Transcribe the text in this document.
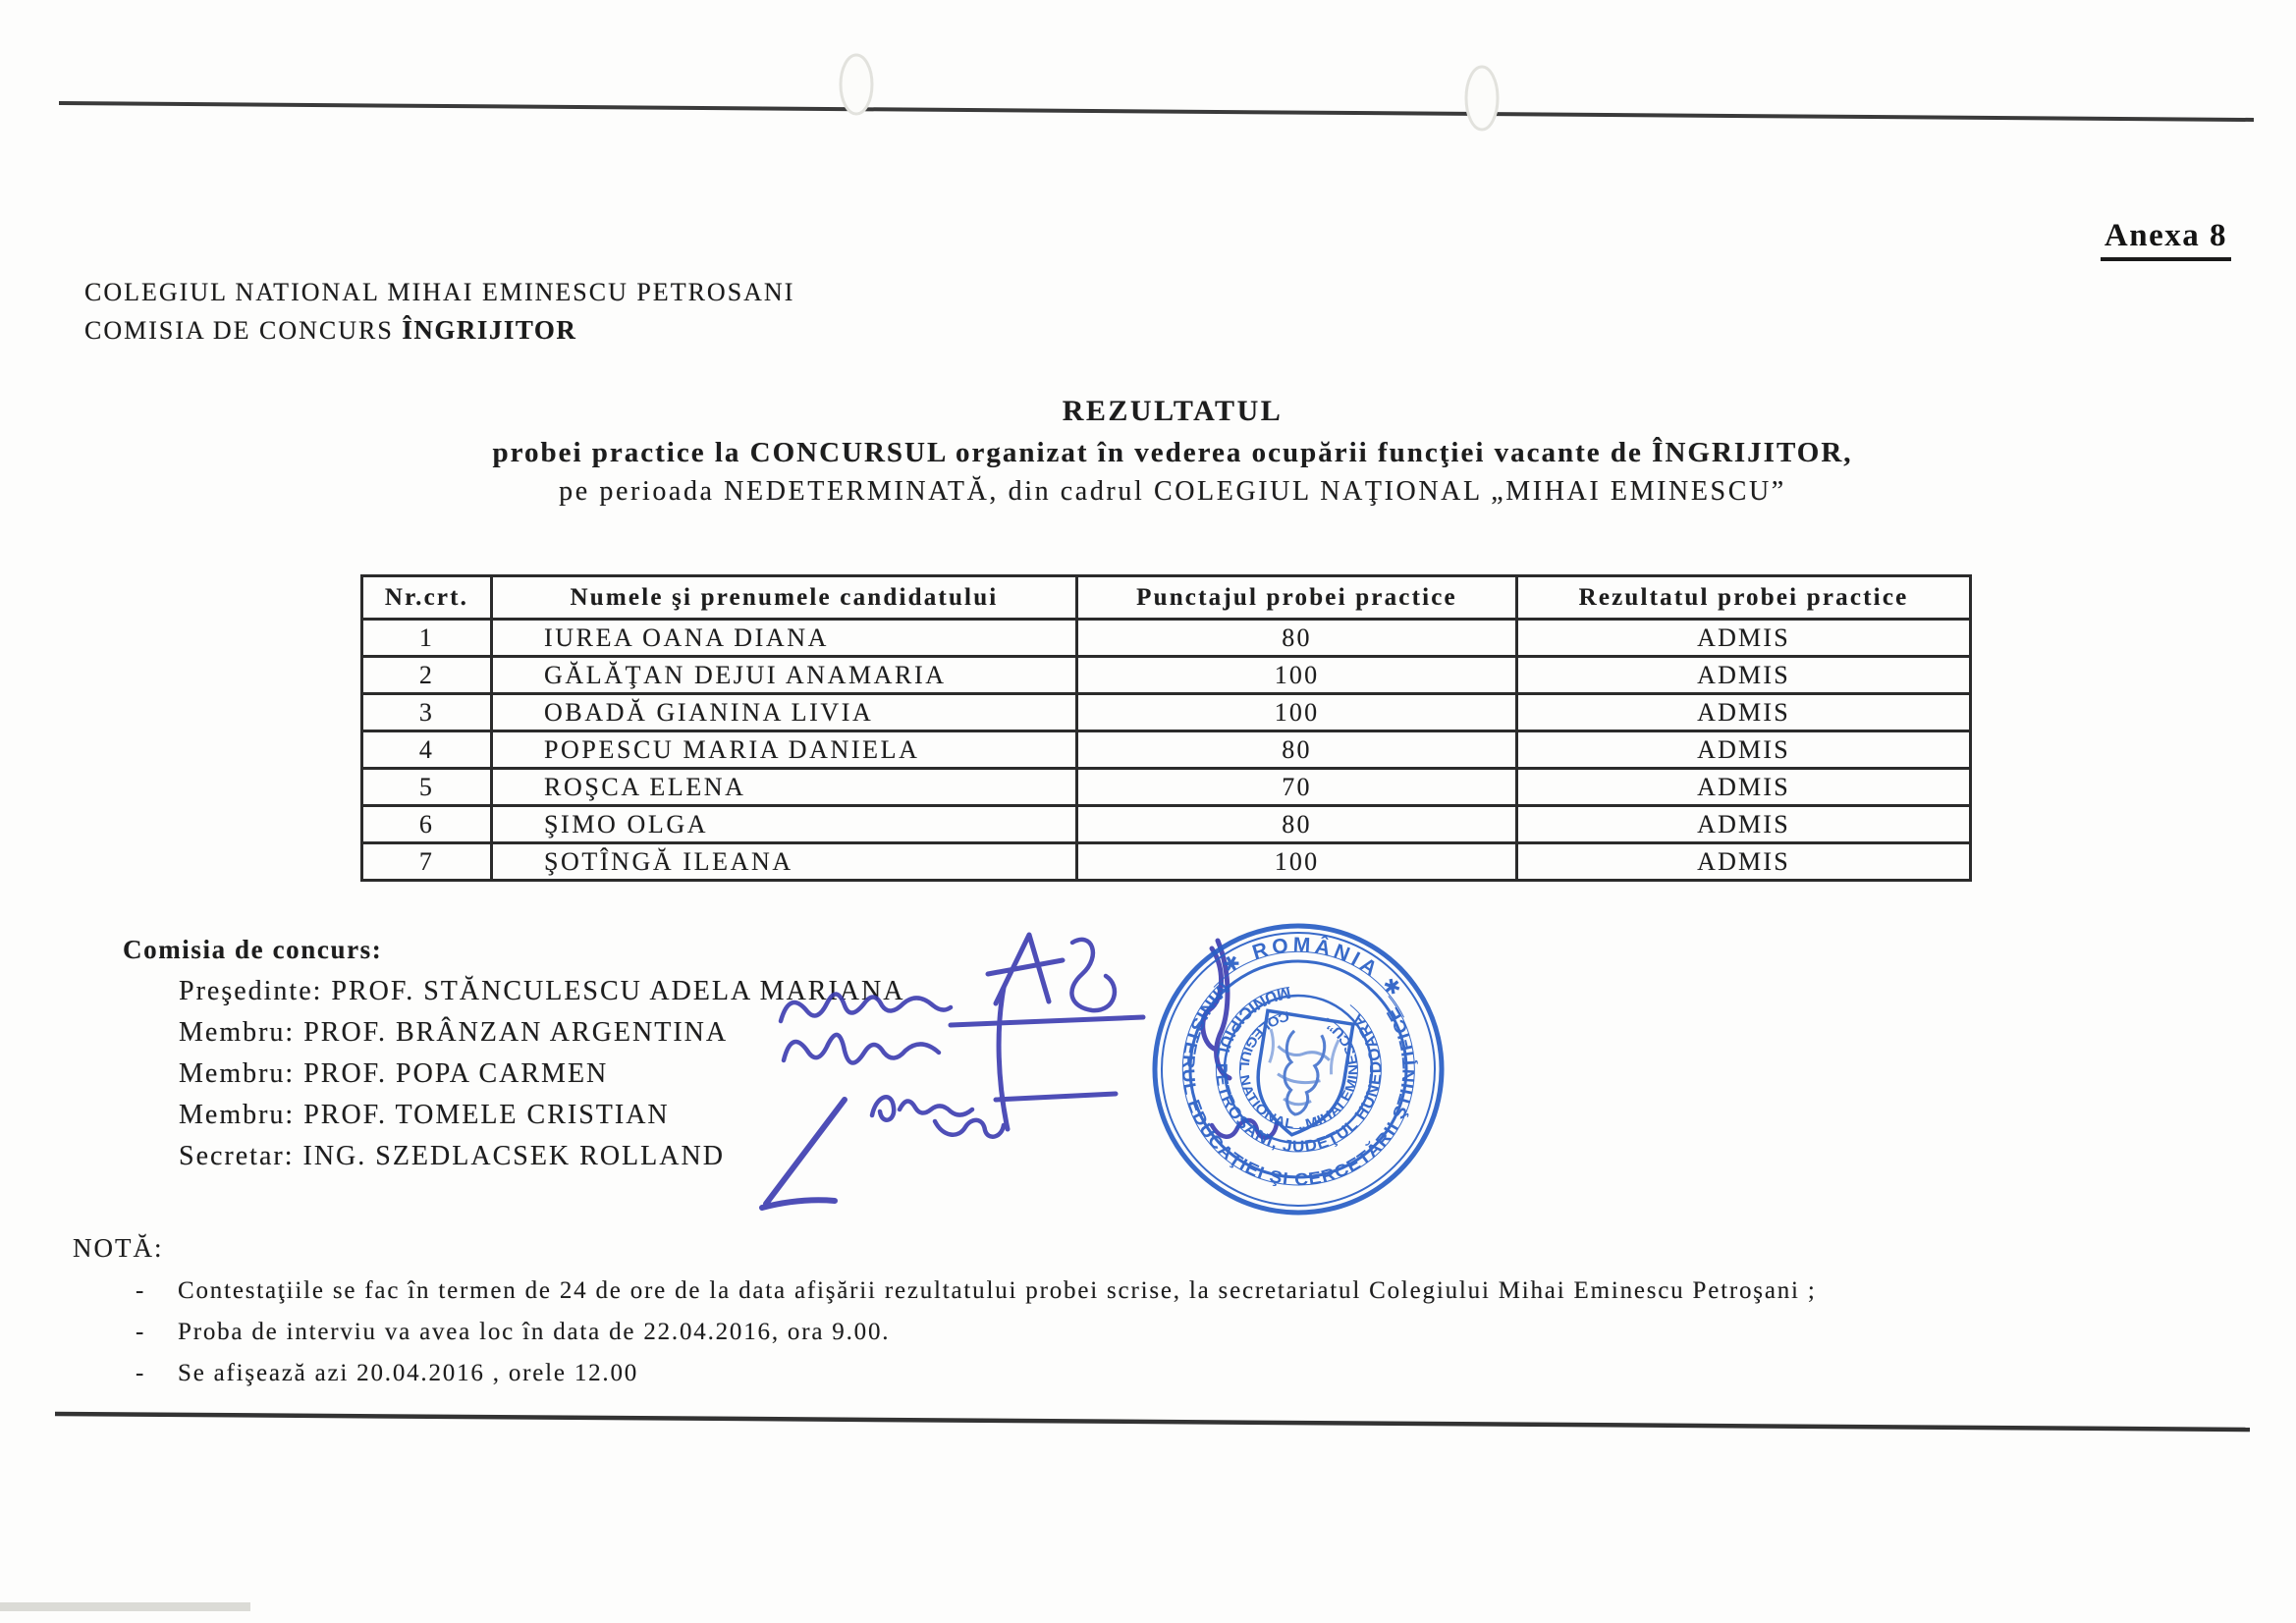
Anexa 8
COLEGIUL NATIONAL MIHAI EMINESCU PETROSANI
COMISIA DE CONCURS ÎNGRIJITOR
REZULTATUL
probei practice la CONCURSUL organizat în vederea ocupării funcţiei vacante de ÎNGRIJITOR,
pe perioada NEDETERMINATĂ, din cadrul COLEGIUL NAŢIONAL „MIHAI EMINESCU”
Nr.crt.	Numele şi prenumele candidatului	Punctajul probei practice	Rezultatul probei practice
1	IUREA OANA DIANA	80	ADMIS
2	GĂLĂŢAN DEJUI ANAMARIA	100	ADMIS
3	OBADĂ GIANINA LIVIA	100	ADMIS
4	POPESCU MARIA DANIELA	80	ADMIS
5	ROŞCA ELENA	70	ADMIS
6	ŞIMO OLGA	80	ADMIS
7	ŞOTÎNGĂ ILEANA	100	ADMIS
Comisia de concurs:
Preşedinte: PROF. STĂNCULESCU ADELA MARIANA
Membru: PROF. BRÂNZAN ARGENTINA
Membru: PROF. POPA CARMEN
Membru: PROF. TOMELE CRISTIAN
Secretar: ING. SZEDLACSEK ROLLAND
✱ ROMÂNIA ✱
MINISTERUL EDUCAŢIEI ŞI CERCETĂRII ŞTIINŢIFICE
MUNICIPIUL PETROŞANI, JUDEŢUL HUNEDOARA
COLEGIUL NATIONAL „MIHAI EMINESCUˮ
NOTĂ:
-	Contestaţiile se fac în termen de 24 de ore de la data afişării rezultatului probei scrise, la secretariatul Colegiului Mihai Eminescu Petroşani ;
-	Proba de interviu va avea loc în data de 22.04.2016, ora 9.00.
-	Se afişează azi 20.04.2016 , orele 12.00
